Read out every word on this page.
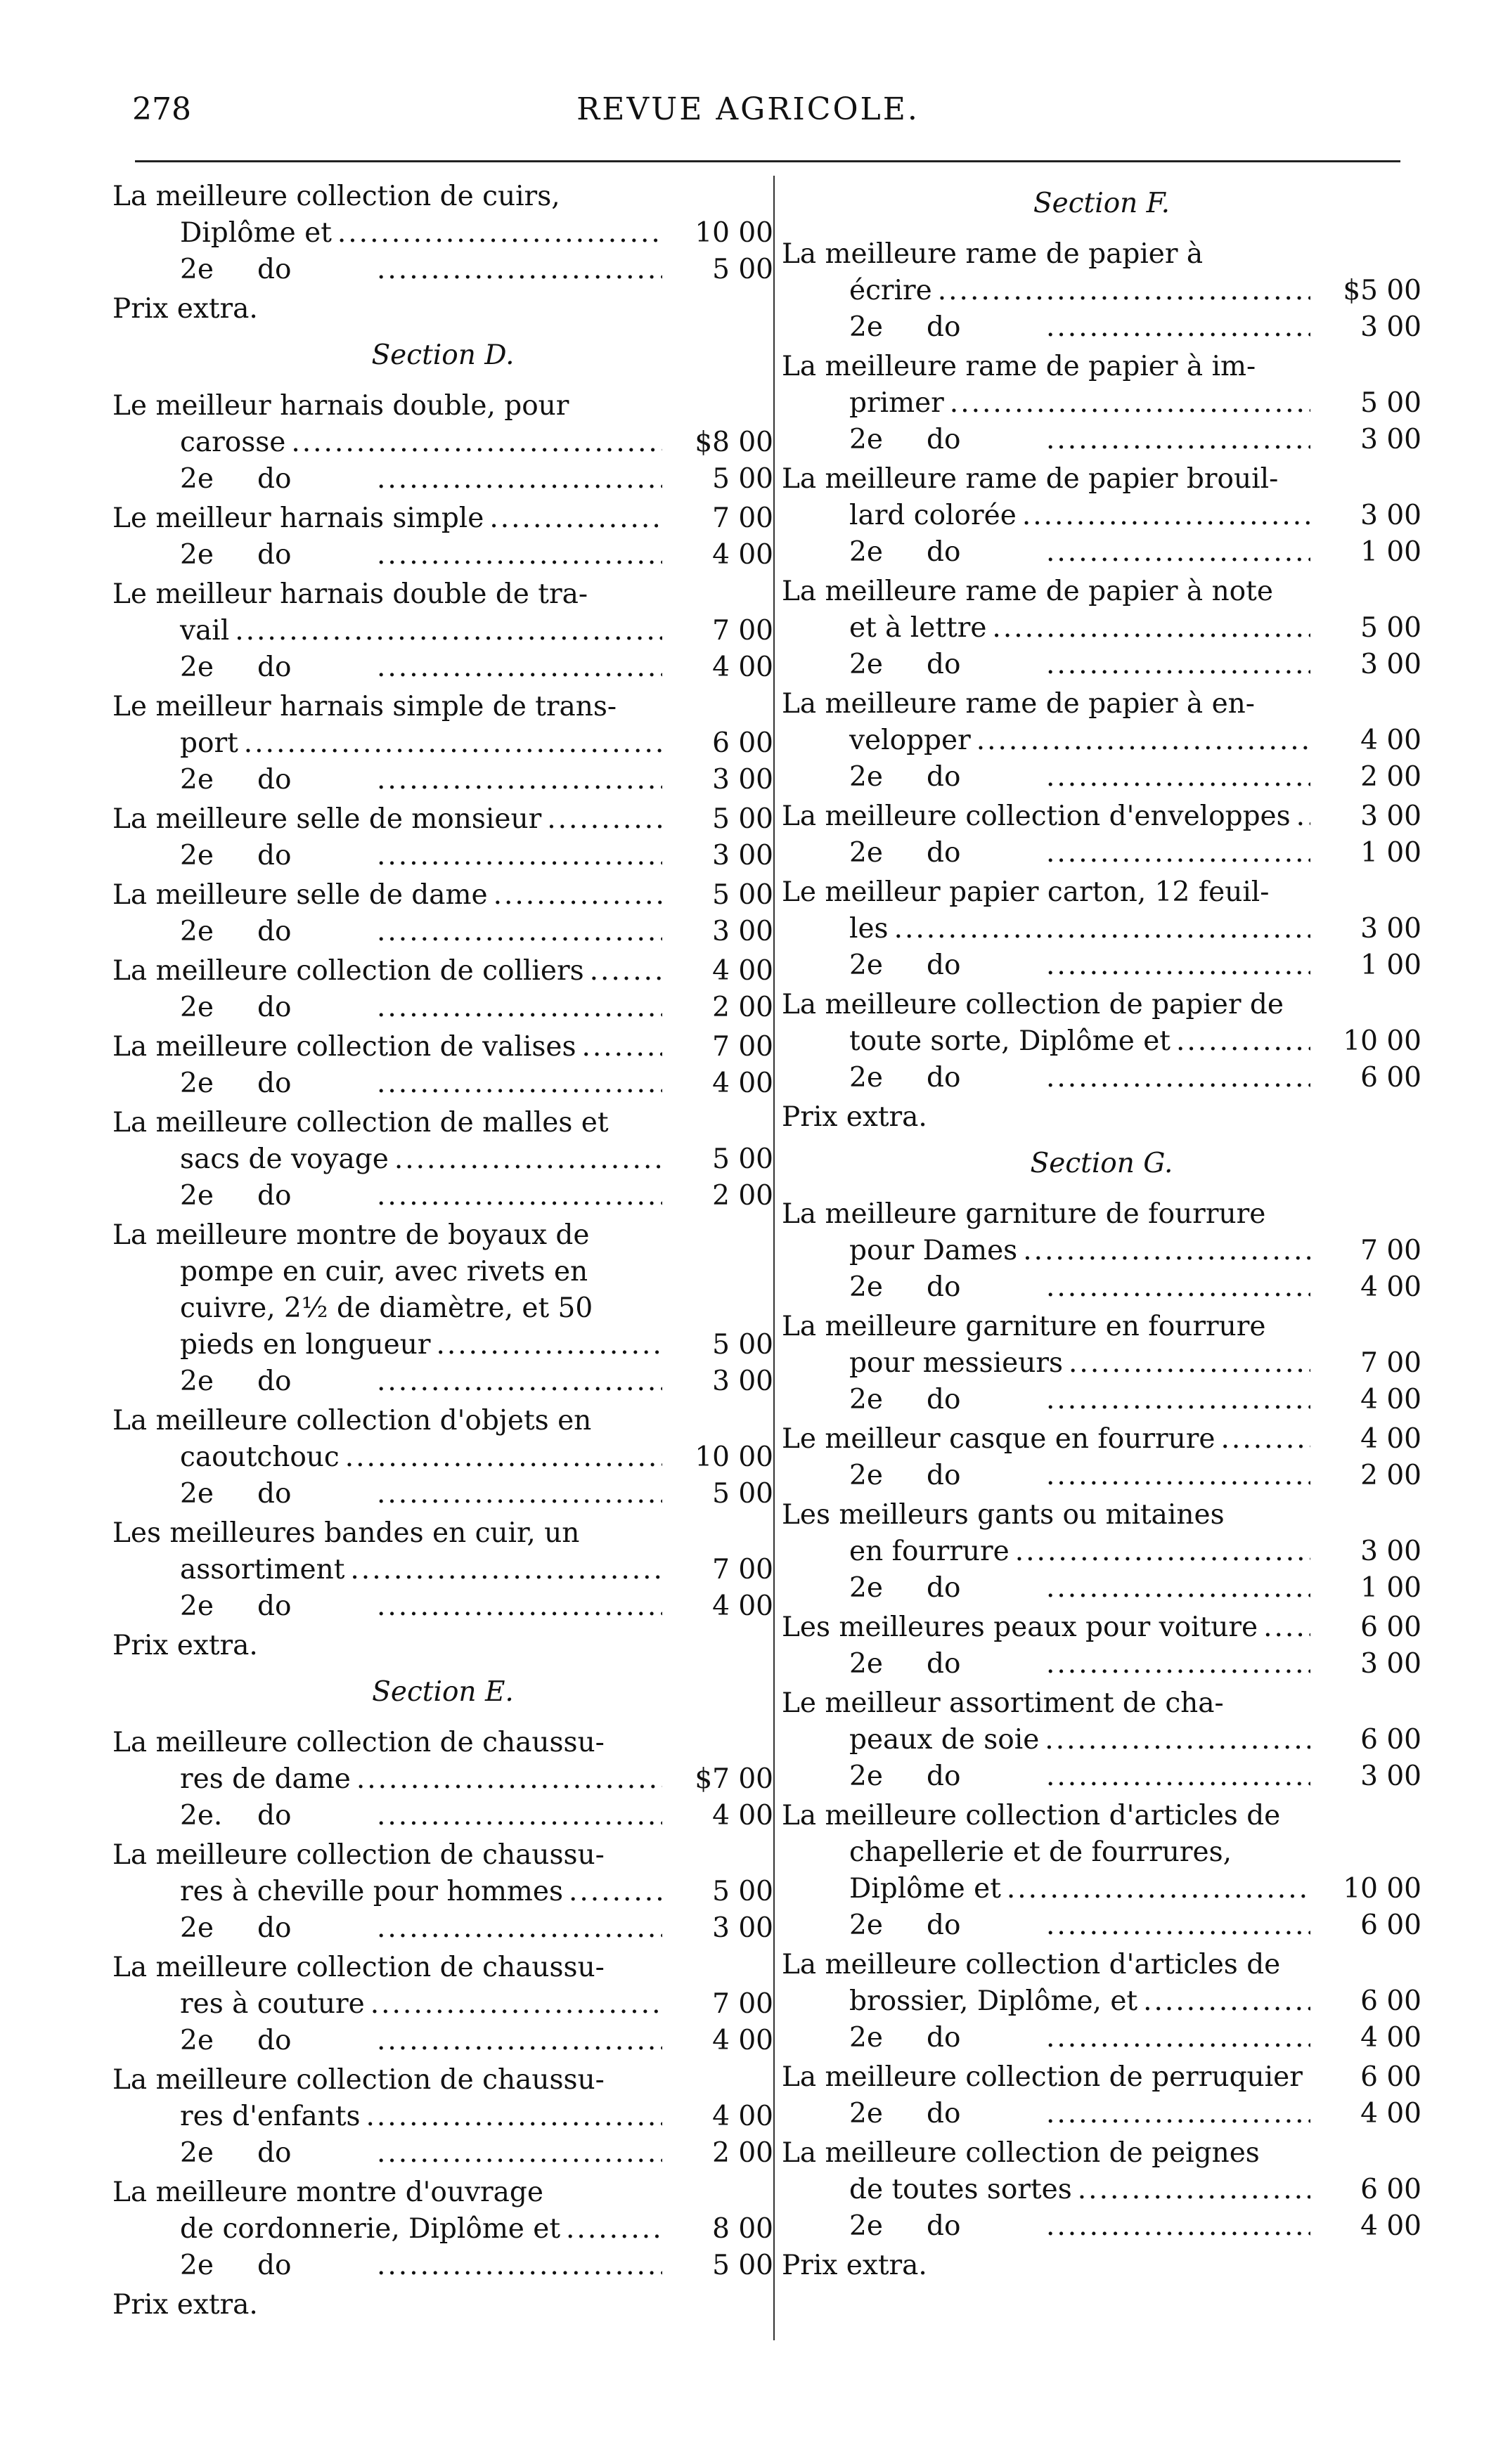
278	REVUE AGRICOLE.
La meilleure collection de cuirs,
Diplôme et .....	10 00
2e	do .....	5 00
Prix extra.
Section D.
Le meilleur harnais double, pour
carosse .....	$8 00
2e	do .....	5 00
Le meilleur harnais simple .....	7 00
2e	do .....	4 00
Le meilleur harnais double de tra-
vail .....	7 00
2e	do .....	4 00
Le meilleur harnais simple de trans-
port .....	6 00
2e	do .....	3 00
La meilleure selle de monsieur .....	5 00
2e	do .....	3 00
La meilleure selle de dame .....	5 00
2e	do .....	3 00
La meilleure collection de colliers .....	4 00
2e	do .....	2 00
La meilleure collection de valises .....	7 00
2e	do .....	4 00
La meilleure collection de malles et
sacs de voyage .....	5 00
2e	do .....	2 00
La meilleure montre de boyaux de
pompe en cuir, avec rivets en
cuivre, 2½ de diamètre, et 50
pieds en longueur .....	5 00
2e	do .....	3 00
La meilleure collection d'objets en
caoutchouc .....	10 00
2e	do .....	5 00
Les meilleures bandes en cuir, un
assortiment .....	7 00
2e	do .....	4 00
Prix extra.
Section E.
La meilleure collection de chaussu-
res de dame .....	$7 00
2e.	do .....	4 00
La meilleure collection de chaussu-
res à cheville pour hommes .....	5 00
2e	do .....	3 00
La meilleure collection de chaussu-
res à couture .....	7 00
2e	do .....	4 00
La meilleure collection de chaussu-
res d'enfants .....	4 00
2e	do .....	2 00
La meilleure montre d'ouvrage
de cordonnerie, Diplôme et .....	8 00
2e	do .....	5 00
Prix extra.
Section F.
La meilleure rame de papier à
écrire .....	$5 00
2e	do .....	3 00
La meilleure rame de papier à im-
primer .....	5 00
2e	do .....	3 00
La meilleure rame de papier brouil-
lard colorée .....	3 00
2e	do .....	1 00
La meilleure rame de papier à note
et à lettre .....	5 00
2e	do .....	3 00
La meilleure rame de papier à en-
velopper .....	4 00
2e	do .....	2 00
La meilleure collection d'enveloppes .....	3 00
2e	do .....	1 00
Le meilleur papier carton, 12 feuil-
les .....	3 00
2e	do .....	1 00
La meilleure collection de papier de
toute sorte, Diplôme et .....	10 00
2e	do .....	6 00
Prix extra.
Section G.
La meilleure garniture de fourrure
pour Dames .....	7 00
2e	do .....	4 00
La meilleure garniture en fourrure
pour messieurs .....	7 00
2e	do .....	4 00
Le meilleur casque en fourrure .....	4 00
2e	do .....	2 00
Les meilleurs gants ou mitaines
en fourrure .....	3 00
2e	do .....	1 00
Les meilleures peaux pour voiture .....	6 00
2e	do .....	3 00
Le meilleur assortiment de cha-
peaux de soie .....	6 00
2e	do .....	3 00
La meilleure collection d'articles de
chapellerie et de fourrures,
Diplôme et .....	10 00
2e	do .....	6 00
La meilleure collection d'articles de
brossier, Diplôme, et .....	6 00
2e	do .....	4 00
La meilleure collection de perruquier .....	6 00
2e	do .....	4 00
La meilleure collection de peignes
de toutes sortes .....	6 00
2e	do .....	4 00
Prix extra.
